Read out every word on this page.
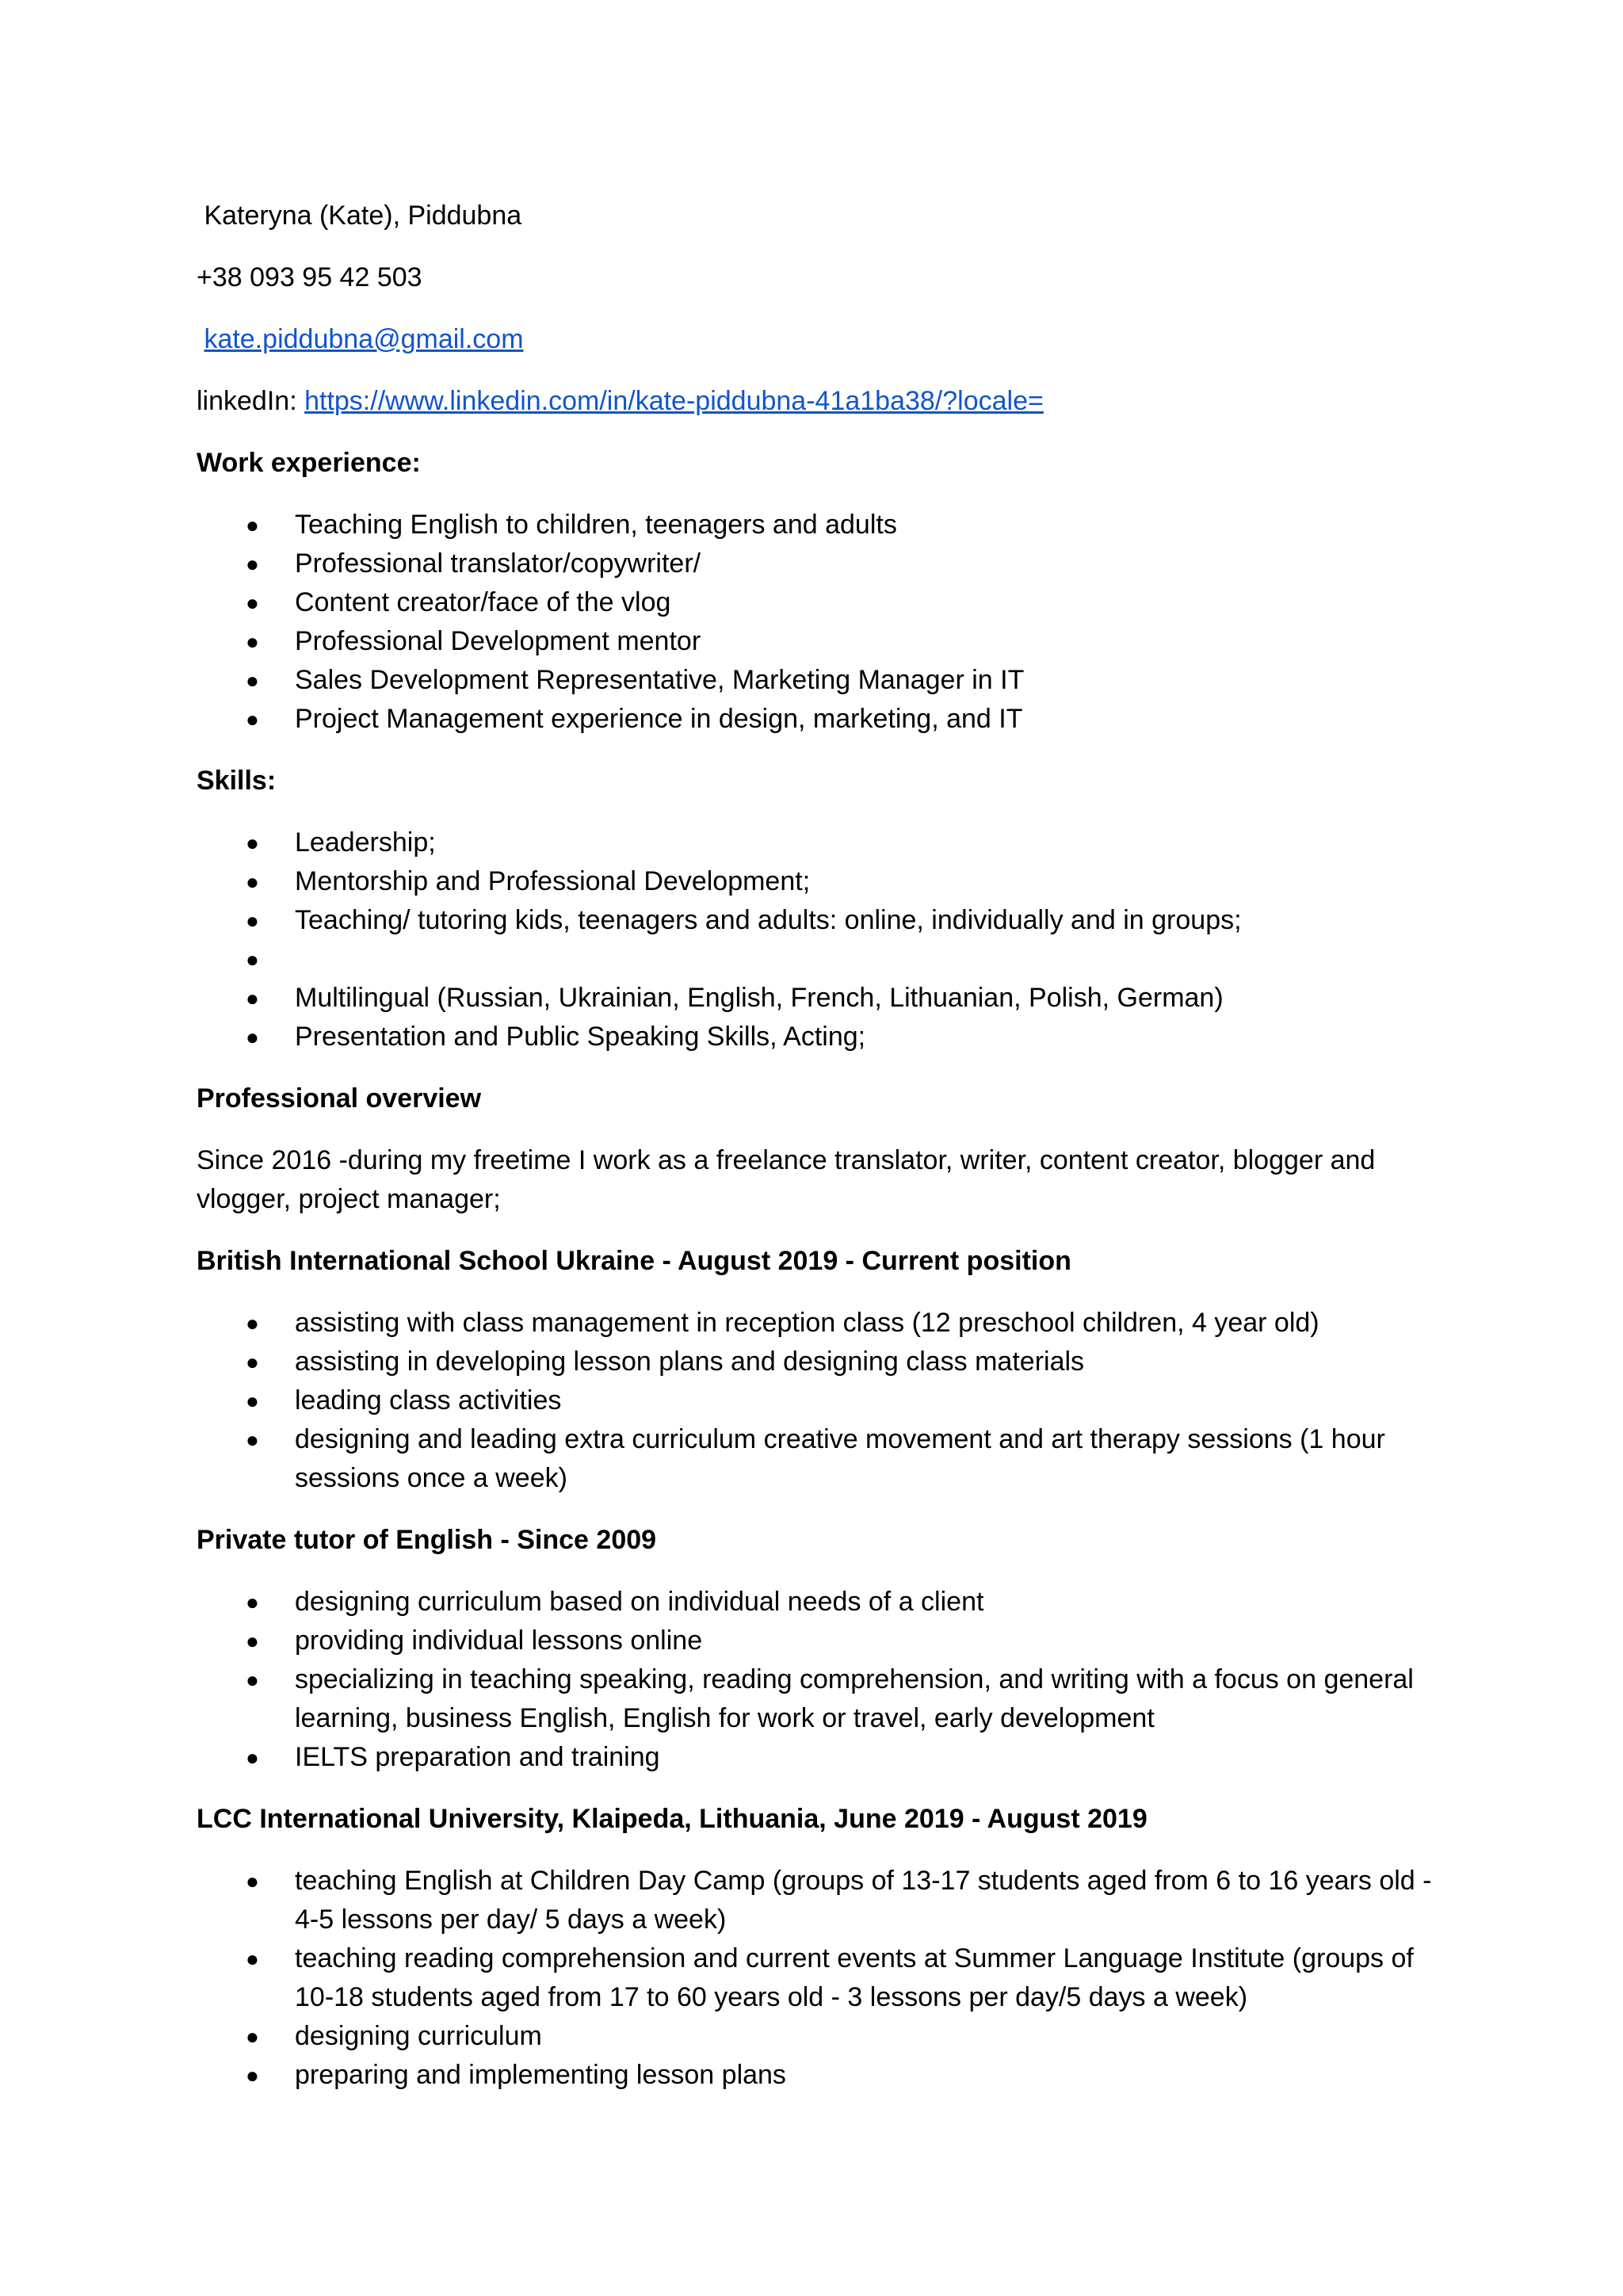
Kateryna (Kate), Piddubna
+38 093 95 42 503
kate.piddubna@gmail.com
linkedIn: https://www.linkedin.com/in/kate-piddubna-41a1ba38/?locale=
Work experience:
● Teaching English to children, teenagers and adults
● Professional translator/copywriter/
● Content creator/face of the vlog
● Professional Development mentor
● Sales Development Representative, Marketing Manager in IT
● Project Management experience in design, marketing, and IT
Skills:
● Leadership;
● Mentorship and Professional Development;
● Teaching/ tutoring kids, teenagers and adults: online, individually and in groups;
●
● Multilingual (Russian, Ukrainian, English, French, Lithuanian, Polish, German)
● Presentation and Public Speaking Skills, Acting;
Professional overview
Since 2016 -during my freetime I work as a freelance translator, writer, content creator, blogger and vlogger, project manager;
British International School Ukraine - August 2019 - Current position
● assisting with class management in reception class (12 preschool children, 4 year old)
● assisting in developing lesson plans and designing class materials
● leading class activities
● designing and leading extra curriculum creative movement and art therapy sessions (1 hour sessions once a week)
Private tutor of English - Since 2009
● designing curriculum based on individual needs of a client
● providing individual lessons online
● specializing in teaching speaking, reading comprehension, and writing with a focus on general learning, business English, English for work or travel, early development
● IELTS preparation and training
LCC International University, Klaipeda, Lithuania, June 2019 - August 2019
● teaching English at Children Day Camp (groups of 13-17 students aged from 6 to 16 years old - 4-5 lessons per day/ 5 days a week)
● teaching reading comprehension and current events at Summer Language Institute (groups of 10-18 students aged from 17 to 60 years old - 3 lessons per day/5 days a week)
● designing curriculum
● preparing and implementing lesson plans
